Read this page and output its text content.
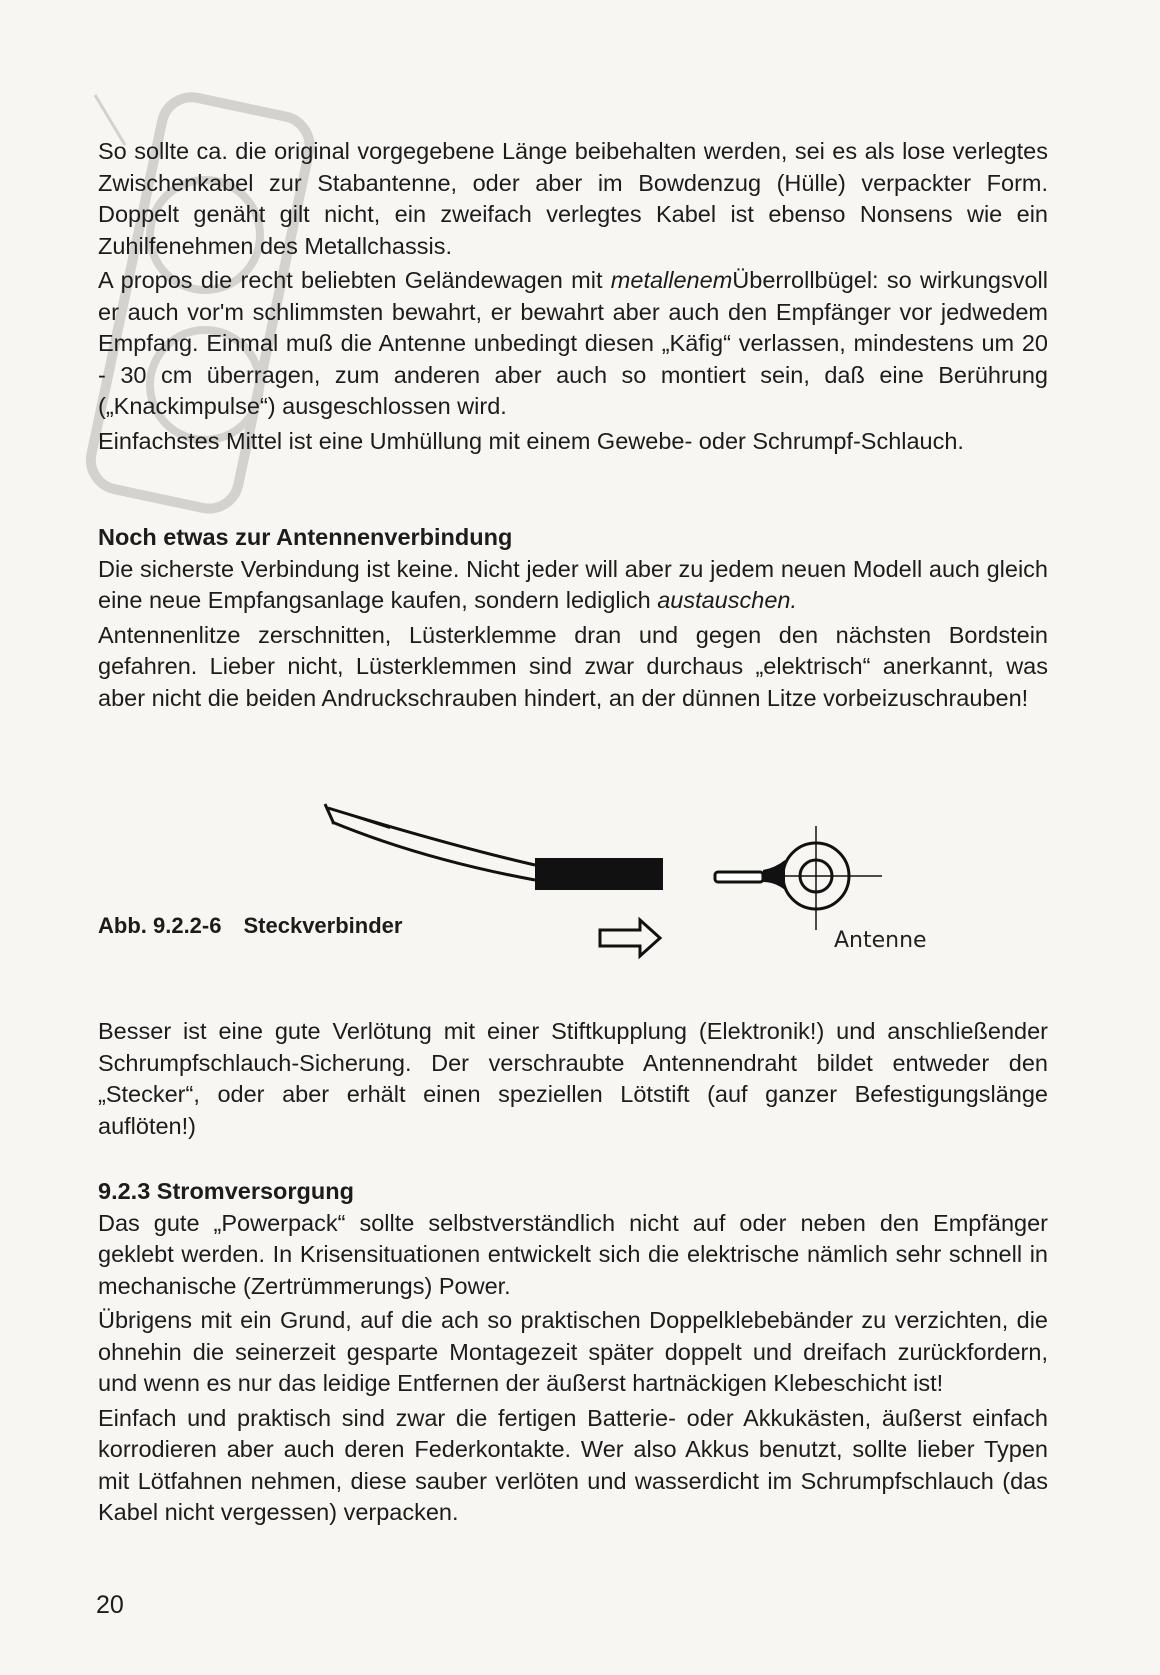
So sollte ca. die original vorgegebene Länge beibehalten werden, sei es als lose verlegtes Zwischenkabel zur Stabantenne, oder aber im Bowdenzug (Hülle) verpackter Form. Doppelt genäht gilt nicht, ein zweifach verlegtes Kabel ist ebenso Nonsens wie ein Zuhilfenehmen des Metallchassis.

A propos die recht beliebten Geländewagen mit metallenemÜberrollbügel: so wirkungsvoll er auch vor'm schlimmsten bewahrt, er bewahrt aber auch den Empfänger vor jedwedem Empfang. Einmal muß die Antenne unbedingt diesen „Käfig“ verlassen, mindestens um 20 - 30 cm überragen, zum anderen aber auch so montiert sein, daß eine Berührung („Knackimpulse“) ausgeschlossen wird.

Einfachstes Mittel ist eine Umhüllung mit einem Gewebe- oder Schrumpf-Schlauch.

Noch etwas zur Antennenverbindung

Die sicherste Verbindung ist keine. Nicht jeder will aber zu jedem neuen Modell auch gleich eine neue Empfangsanlage kaufen, sondern lediglich austauschen.

Antennenlitze zerschnitten, Lüsterklemme dran und gegen den nächsten Bordstein gefahren. Lieber nicht, Lüsterklemmen sind zwar durchaus „elektrisch“ anerkannt, was aber nicht die beiden Andruckschrauben hindert, an der dünnen Litze vorbeizuschrauben!

Abb. 9.2.2-6 Steckverbinder
Antenne

Besser ist eine gute Verlötung mit einer Stiftkupplung (Elektronik!) und anschließender Schrumpfschlauch-Sicherung. Der verschraubte Antennendraht bildet entweder den „Stecker“, oder aber erhält einen speziellen Lötstift (auf ganzer Befestigungslänge auflöten!)

9.2.3 Stromversorgung

Das gute „Powerpack“ sollte selbstverständlich nicht auf oder neben den Empfänger geklebt werden. In Krisensituationen entwickelt sich die elektrische nämlich sehr schnell in mechanische (Zertrümmerungs) Power.

Übrigens mit ein Grund, auf die ach so praktischen Doppelklebebänder zu verzichten, die ohnehin die seinerzeit gesparte Montagezeit später doppelt und dreifach zurückfordern, und wenn es nur das leidige Entfernen der äußerst hartnäckigen Klebeschicht ist!

Einfach und praktisch sind zwar die fertigen Batterie- oder Akkukästen, äußerst einfach korrodieren aber auch deren Federkontakte. Wer also Akkus benutzt, sollte lieber Typen mit Lötfahnen nehmen, diese sauber verlöten und wasserdicht im Schrumpfschlauch (das Kabel nicht vergessen) verpacken.

20
